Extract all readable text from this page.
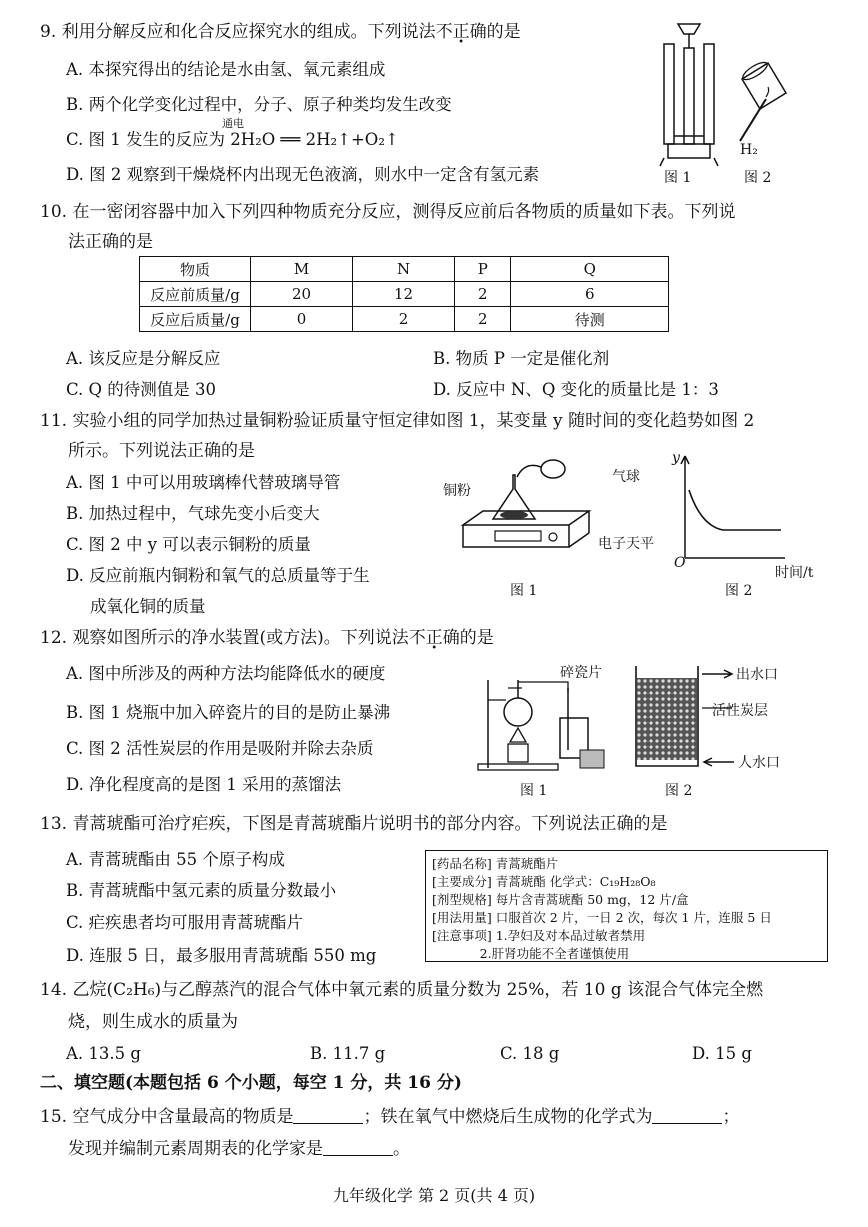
9. 利用分解反应和化合反应探究水的组成。下列说法不正确的是
A. 本探究得出的结论是水由氢、氧元素组成
B. 两个化学变化过程中，分子、原子种类均发生改变
C. 图 1 发生的反应为 2H₂O ══ 2H₂↑+O₂↑
通电
D. 图 2 观察到干燥烧杯内出现无色液滴，则水中一定含有氢元素
H₂
图 1	图 2
10. 在一密闭容器中加入下列四种物质充分反应，测得反应前后各物质的质量如下表。下列说
法正确的是
物质	M	N	P	Q
反应前质量/g	20	12	2	6
反应后质量/g	0	2	2	待测
A. 该反应是分解反应	B. 物质 P 一定是催化剂
C. Q 的待测值是 30	D. 反应中 N、Q 变化的质量比是 1：3
11. 实验小组的同学加热过量铜粉验证质量守恒定律如图 1，某变量 y 随时间的变化趋势如图 2
所示。下列说法正确的是
A. 图 1 中可以用玻璃棒代替玻璃导管
B. 加热过程中，气球先变小后变大
C. 图 2 中 y 可以表示铜粉的质量
D. 反应前瓶内铜粉和氧气的总质量等于生
成氧化铜的质量
铜粉
气球
电子天平
图 1
y
O
时间/t
图 2
12. 观察如图所示的净水装置(或方法)。下列说法不正确的是
A. 图中所涉及的两种方法均能降低水的硬度
B. 图 1 烧瓶中加入碎瓷片的目的是防止暴沸
C. 图 2 活性炭层的作用是吸附并除去杂质
D. 净化程度高的是图 1 采用的蒸馏法
碎瓷片
图 1
出水口
活性炭层
人水口
图 2
13. 青蒿琥酯可治疗疟疾，下图是青蒿琥酯片说明书的部分内容。下列说法正确的是
A. 青蒿琥酯由 55 个原子构成
B. 青蒿琥酯中氢元素的质量分数最小
C. 疟疾患者均可服用青蒿琥酯片
D. 连服 5 日，最多服用青蒿琥酯 550 mg
[药品名称] 青蒿琥酯片
[主要成分] 青蒿琥酯 化学式：C₁₉H₂₈O₈
[剂型规格] 每片含青蒿琥酯 50 mg，12 片/盒
[用法用量] 口服首次 2 片，一日 2 次，每次 1 片，连服 5 日
[注意事项] 1.孕妇及对本品过敏者禁用
2.肝肾功能不全者谨慎使用
14. 乙烷(C₂H₆)与乙醇蒸汽的混合气体中氧元素的质量分数为 25%，若 10 g 该混合气体完全燃
烧，则生成水的质量为
A. 13.5 g	B. 11.7 g	C. 18 g	D. 15 g
二、填空题(本题包括 6 个小题，每空 1 分，共 16 分)
15. 空气成分中含量最高的物质是	；铁在氧气中燃烧后生成物的化学式为	；
发现并编制元素周期表的化学家是	。
九年级化学 第 2 页(共 4 页)
